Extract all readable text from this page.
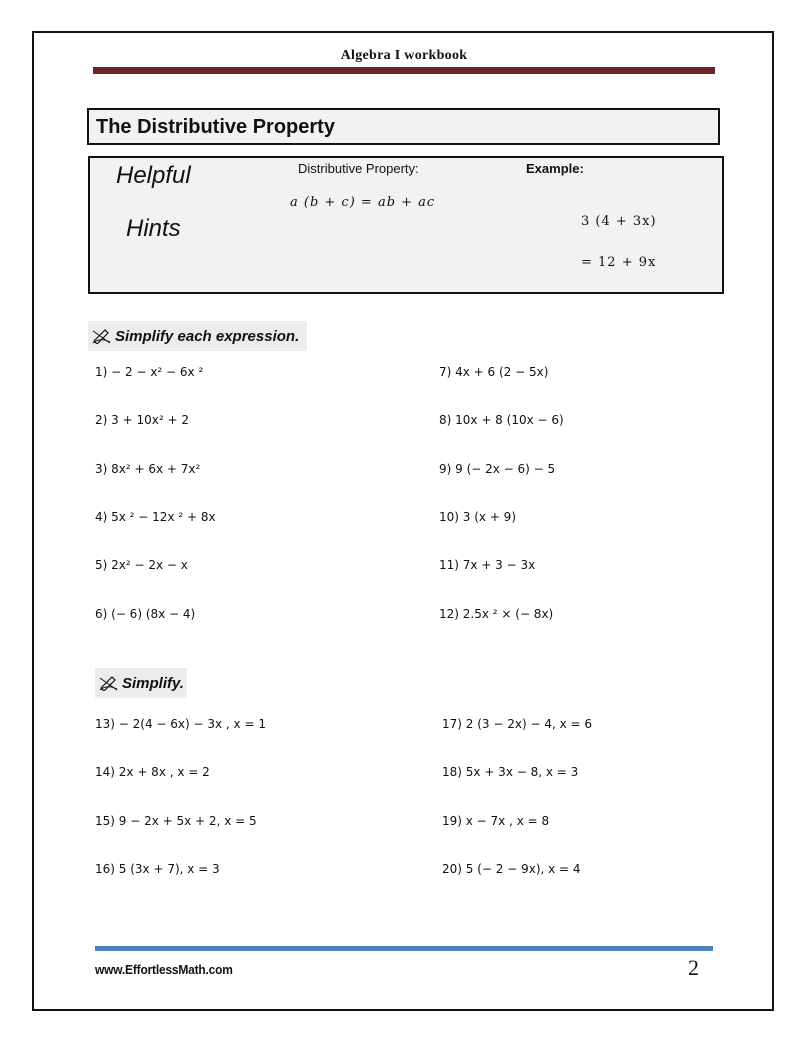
Algebra I workbook
The Distributive Property
Helpful
Hints
Distributive Property:	Example:
a (b + c) = ab + ac
3 (4 + 3x)
= 12 + 9x
Simplify each expression.
1) − 2 − x² − 6x ²
2) 3 + 10x² + 2
3) 8x² + 6x + 7x²
4) 5x ² − 12x ² + 8x
5) 2x² − 2x − x
6) (− 6) (8x − 4)
7) 4x + 6 (2 − 5x)
8) 10x + 8 (10x − 6)
9) 9 (− 2x − 6) − 5
10) 3 (x + 9)
11) 7x + 3 − 3x
12) 2.5x ² × (− 8x)
Simplify.
13) − 2(4 − 6x) − 3x , x = 1
14) 2x + 8x , x = 2
15) 9 − 2x + 5x + 2, x = 5
16) 5 (3x + 7), x = 3
17) 2 (3 − 2x) − 4, x = 6
18) 5x + 3x − 8, x = 3
19) x − 7x , x = 8
20) 5 (− 2 − 9x), x = 4
www.EffortlessMath.com	2
